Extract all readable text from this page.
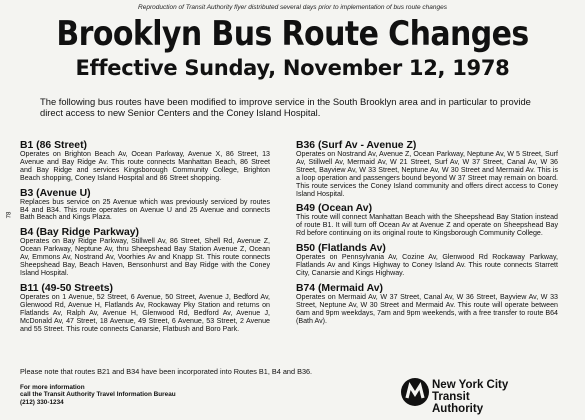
Reproduction of Transit Authority flyer distributed several days prior to implementation of bus route changes
Brooklyn Bus Route Changes
Effective Sunday, November 12, 1978
The following bus routes have been modified to improve service in the South Brooklyn area and in particular to provide direct access to new Senior Centers and the Coney Island Hospital.
78
B1 (86 Street)
Operates on Brighton Beach Av, Ocean Parkway, Avenue X, 86 Street, 13 Avenue and Bay Ridge Av. This route connects Manhattan Beach, 86 Street and Bay Ridge and services Kingsborough Community College, Brighton Beach shopping, Coney Island Hospital and 86 Street shopping.
B3 (Avenue U)
Replaces bus service on 25 Avenue which was previously serviced by routes B4 and B34. This route operates on Avenue U and 25 Avenue and connects Bath Beach and Kings Plaza.
B4 (Bay Ridge Parkway)
Operates on Bay Ridge Parkway, Stillwell Av, 86 Street, Shell Rd, Avenue Z, Ocean Parkway, Neptune Av, thru Sheepshead Bay Station Avenue Z, Ocean Av, Emmons Av, Nostrand Av, Voorhies Av and Knapp St. This route connects Sheepshead Bay, Beach Haven, Bensonhurst and Bay Ridge with the Coney Island Hospital.
B11 (49-50 Streets)
Operates on 1 Avenue, 52 Street, 6 Avenue, 50 Street, Avenue J, Bedford Av, Glenwood Rd, Avenue H, Flatlands Av, Rockaway Pky Station and returns on Flatlands Av, Ralph Av, Avenue H, Glenwood Rd, Bedford Av, Avenue J, McDonald Av, 47 Street, 18 Avenue, 49 Street, 6 Avenue, 53 Street, 2 Avenue and 55 Street. This route connects Canarsie, Flatbush and Boro Park.
B36 (Surf Av - Avenue Z)
Operates on Nostrand Av, Avenue Z, Ocean Parkway, Neptune Av, W 5 Street, Surf Av, Stillwell Av, Mermaid Av, W 21 Street, Surf Av, W 37 Street, Canal Av, W 36 Street, Bayview Av, W 33 Street, Neptune Av, W 30 Street and Mermaid Av. This is a loop operation and passengers bound beyond W 37 Street may remain on board. This route services the Coney Island community and offers direct access to Coney Island Hospital.
B49 (Ocean Av)
This route will connect Manhattan Beach with the Sheepshead Bay Station instead of route B1. It will turn off Ocean Av at Avenue Z and operate on Sheepshead Bay Rd before continuing on its original route to Kingsborough Community College.
B50 (Flatlands Av)
Operates on Pennsylvania Av, Cozine Av, Glenwood Rd Rockaway Parkway, Flatlands Av and Kings Highway to Coney Island Av. This route connects Starrett City, Canarsie and Kings Highway.
B74 (Mermaid Av)
Operates on Mermaid Av, W 37 Street, Canal Av, W 36 Street, Bayview Av, W 33 Street, Neptune Av, W 30 Street and Mermaid Av. This route will operate between 6am and 9pm weekdays, 7am and 9pm weekends, with a free transfer to route B64 (Bath Av).
Please note that routes B21 and B34 have been incorporated into Routes B1, B4 and B36.
For more information
call the Transit Authority Travel Information Bureau
(212) 330-1234
New York City
Transit
Authority
